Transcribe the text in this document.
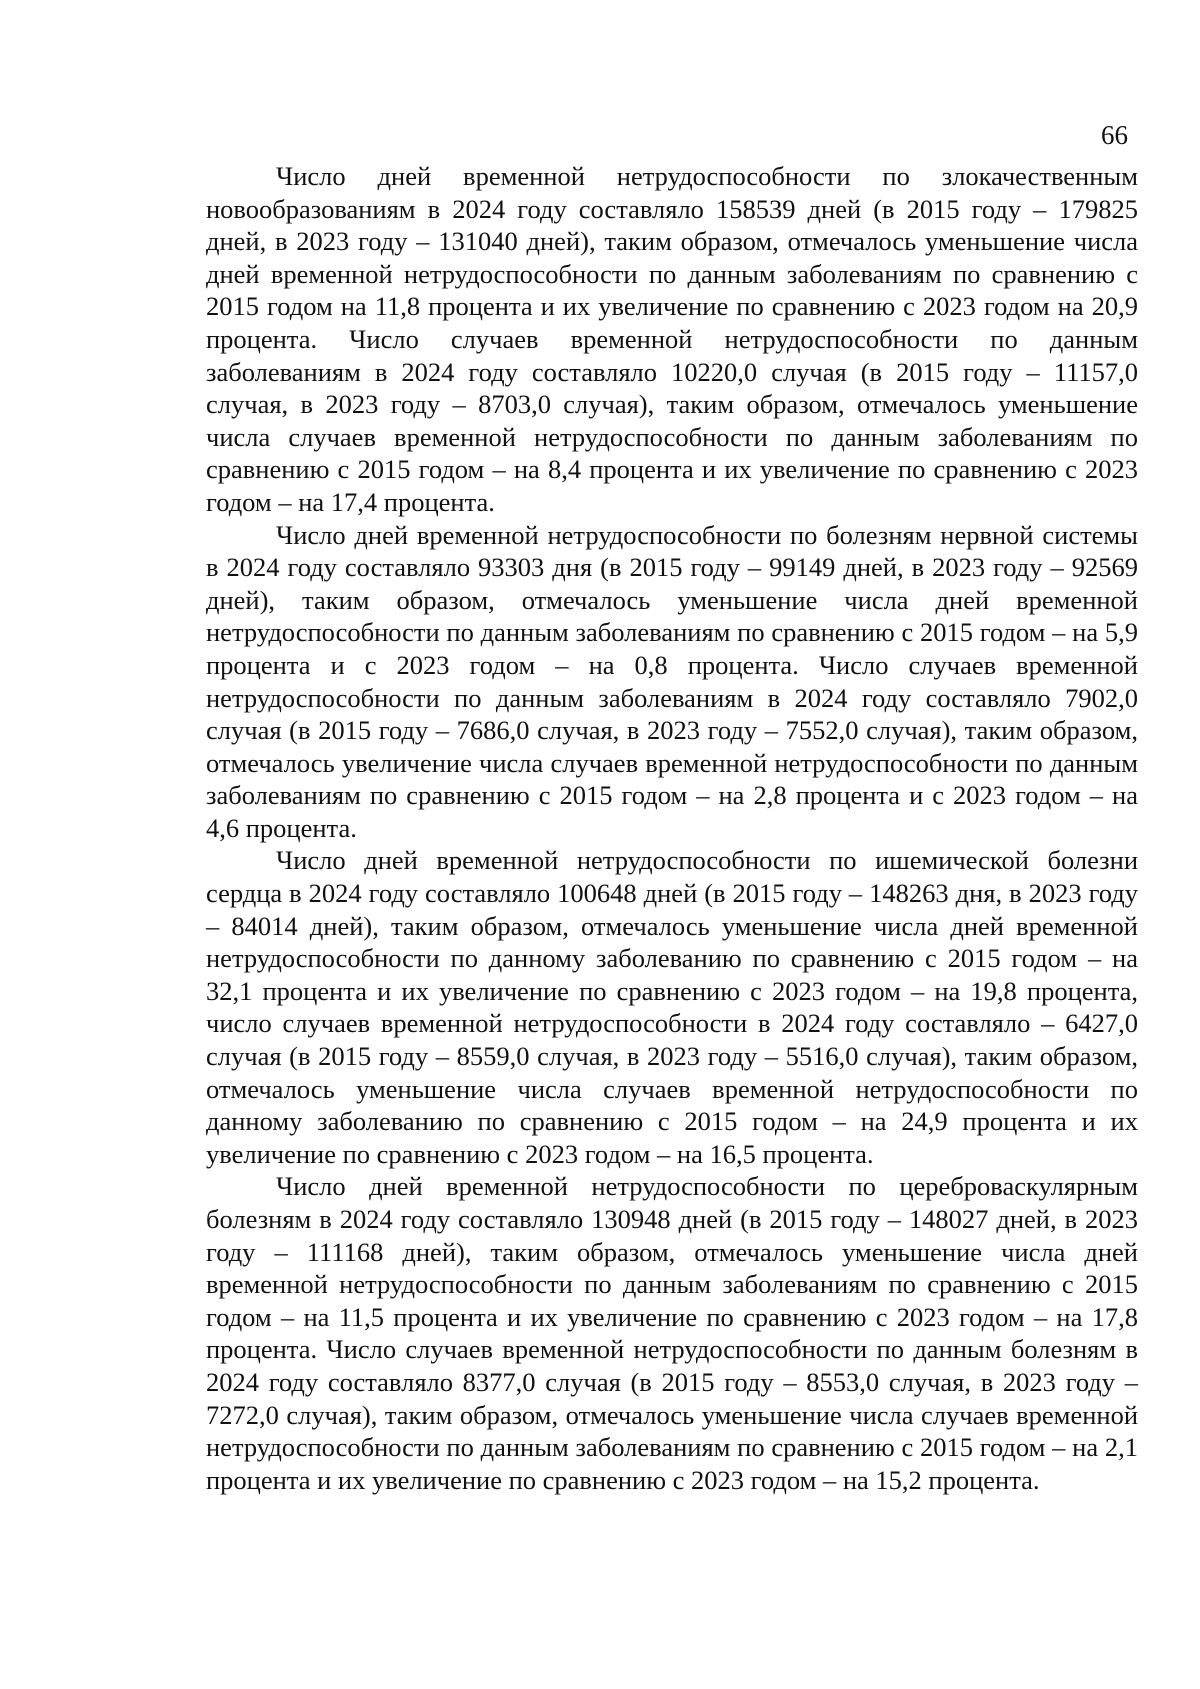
66

Число дней временной нетрудоспособности по злокачественным новообразованиям в 2024 году составляло 158539 дней (в 2015 году – 179825 дней, в 2023 году – 131040 дней), таким образом, отмечалось уменьшение числа дней временной нетрудоспособности по данным заболеваниям по сравнению с 2015 годом на 11,8 процента и их увеличение по сравнению с 2023 годом на 20,9 процента. Число случаев временной нетрудоспособности по данным заболеваниям в 2024 году составляло 10220,0 случая (в 2015 году – 11157,0 случая, в 2023 году – 8703,0 случая), таким образом, отмечалось уменьшение числа случаев временной нетрудоспособности по данным заболеваниям по сравнению с 2015 годом – на 8,4 процента и их увеличение по сравнению с 2023 годом – на 17,4 процента.

Число дней временной нетрудоспособности по болезням нервной системы в 2024 году составляло 93303 дня (в 2015 году – 99149 дней, в 2023 году – 92569 дней), таким образом, отмечалось уменьшение числа дней временной нетрудоспособности по данным заболеваниям по сравнению с 2015 годом – на 5,9 процента и с 2023 годом – на 0,8 процента. Число случаев временной нетрудоспособности по данным заболеваниям в 2024 году составляло 7902,0 случая (в 2015 году – 7686,0 случая, в 2023 году – 7552,0 случая), таким образом, отмечалось увеличение числа случаев временной нетрудоспособности по данным заболеваниям по сравнению с 2015 годом – на 2,8 процента и с 2023 годом – на 4,6 процента.

Число дней временной нетрудоспособности по ишемической болезни сердца в 2024 году составляло 100648 дней (в 2015 году – 148263 дня, в 2023 году – 84014 дней), таким образом, отмечалось уменьшение числа дней временной нетрудоспособности по данному заболеванию по сравнению с 2015 годом – на 32,1 процента и их увеличение по сравнению с 2023 годом – на 19,8 процента, число случаев временной нетрудоспособности в 2024 году составляло – 6427,0 случая (в 2015 году – 8559,0 случая, в 2023 году – 5516,0 случая), таким образом, отмечалось уменьшение числа случаев временной нетрудоспособности по данному заболеванию по сравнению с 2015 годом – на 24,9 процента и их увеличение по сравнению с 2023 годом – на 16,5 процента.

Число дней временной нетрудоспособности по цереброваскулярным болезням в 2024 году составляло 130948 дней (в 2015 году – 148027 дней, в 2023 году – 111168 дней), таким образом, отмечалось уменьшение числа дней временной нетрудоспособности по данным заболеваниям по сравнению с 2015 годом – на 11,5 процента и их увеличение по сравнению с 2023 годом – на 17,8 процента. Число случаев временной нетрудоспособности по данным болезням в 2024 году составляло 8377,0 случая (в 2015 году – 8553,0 случая, в 2023 году – 7272,0 случая), таким образом, отмечалось уменьшение числа случаев временной нетрудоспособности по данным заболеваниям по сравнению с 2015 годом – на 2,1 процента и их увеличение по сравнению с 2023 годом – на 15,2 процента.
